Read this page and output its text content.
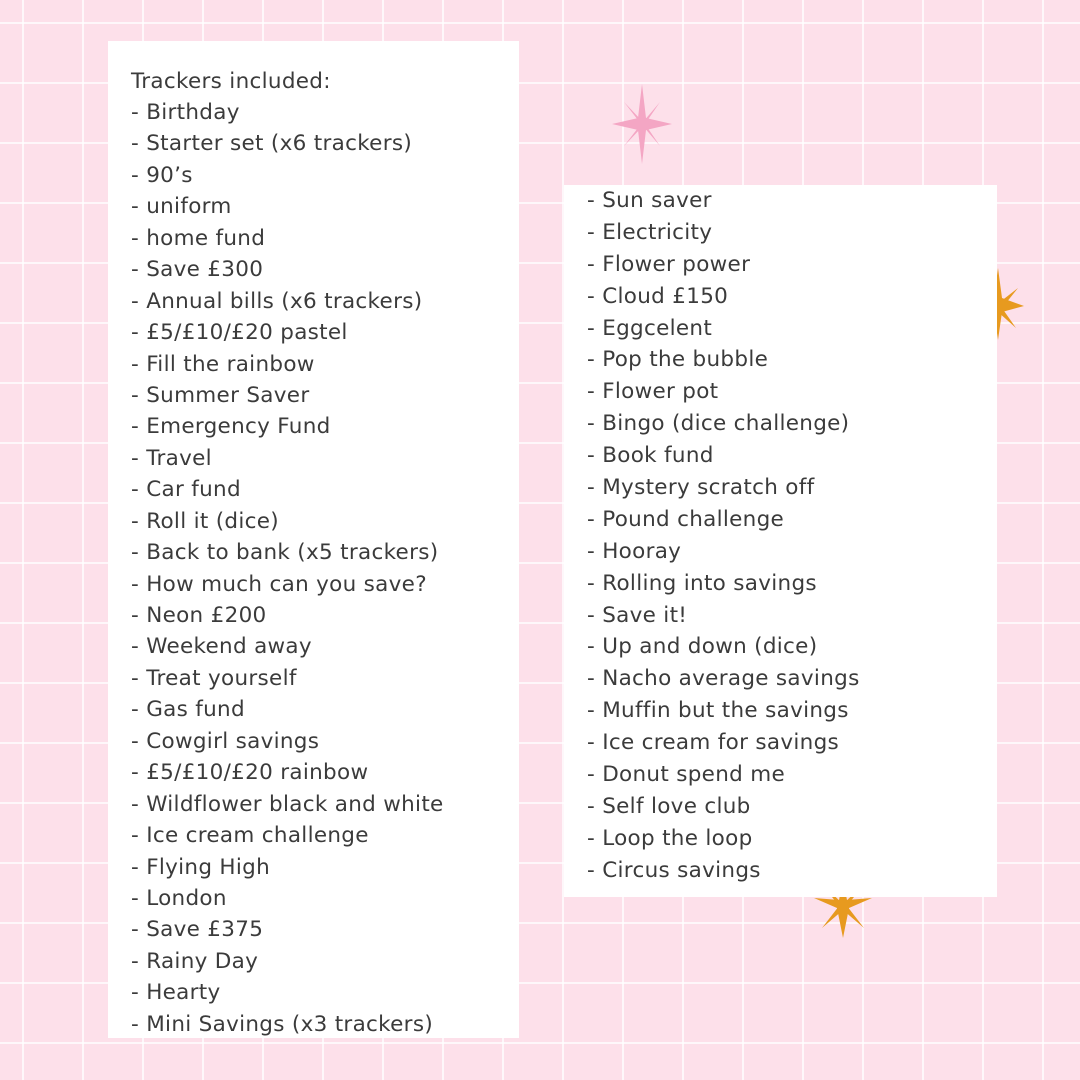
Trackers included:
- Birthday
- Starter set (x6 trackers)
- 90’s
- uniform
- home fund
- Save £300
- Annual bills (x6 trackers)
- £5/£10/£20 pastel
- Fill the rainbow
- Summer Saver
- Emergency Fund
- Travel
- Car fund
- Roll it (dice)
- Back to bank (x5 trackers)
- How much can you save?
- Neon £200
- Weekend away
- Treat yourself
- Gas fund
- Cowgirl savings
- £5/£10/£20 rainbow
- Wildflower black and white
- Ice cream challenge
- Flying High
- London
- Save £375
- Rainy Day
- Hearty
- Mini Savings (x3 trackers)
- Sun saver
- Electricity
- Flower power
- Cloud £150
- Eggcelent
- Pop the bubble
- Flower pot
- Bingo (dice challenge)
- Book fund
- Mystery scratch off
- Pound challenge
- Hooray
- Rolling into savings
- Save it!
- Up and down (dice)
- Nacho average savings
- Muffin but the savings
- Ice cream for savings
- Donut spend me
- Self love club
- Loop the loop
- Circus savings
